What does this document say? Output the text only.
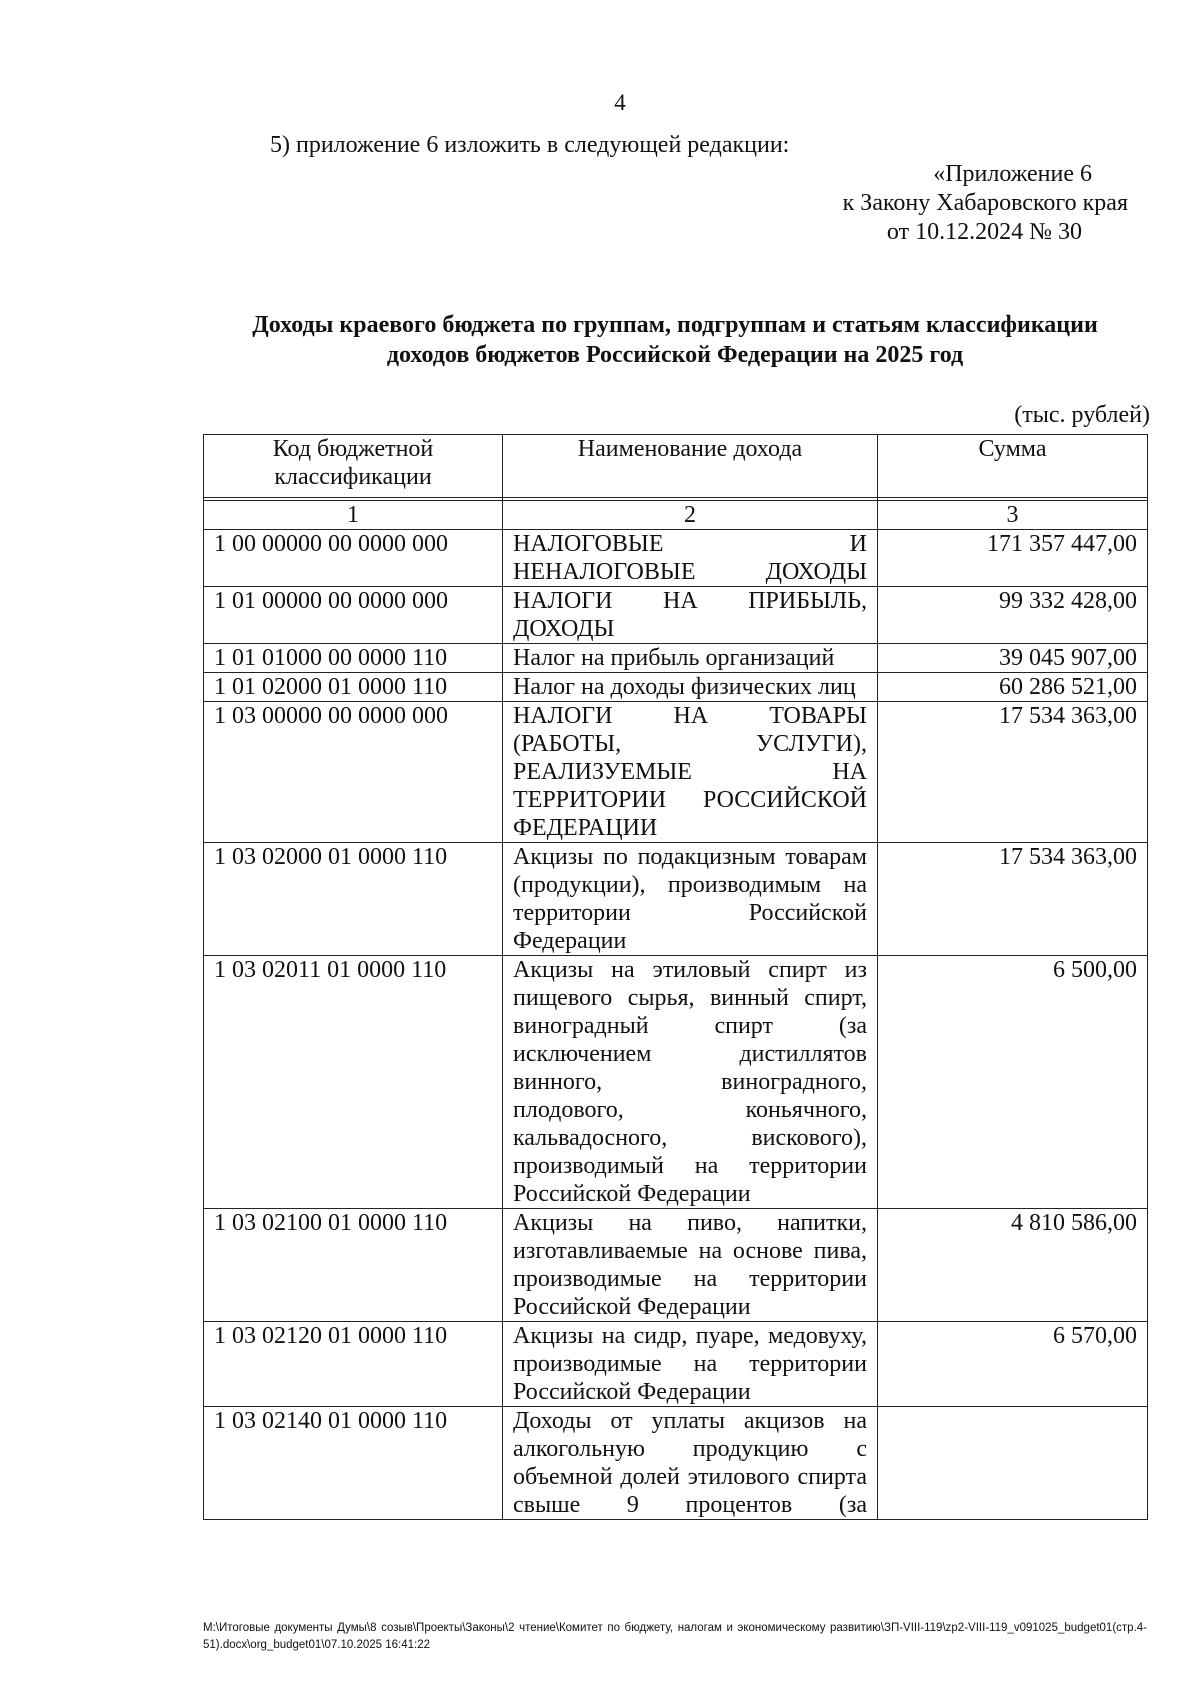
4
5) приложение 6 изложить в следующей редакции:
«Приложение 6
к Закону Хабаровского края
от 10.12.2024 № 30
Доходы краевого бюджета по группам, подгруппам и статьям классификации
доходов бюджетов Российской Федерации на 2025 год
(тыс. рублей)
Код бюджетной классификации	Наименование дохода	Сумма

1	2	3
1 00 00000 00 0000 000	НАЛОГОВЫЕ И НЕНАЛОГОВЫЕ ДОХОДЫ	171 357 447,00
1 01 00000 00 0000 000	НАЛОГИ НА ПРИБЫЛЬ, ДОХОДЫ	99 332 428,00
1 01 01000 00 0000 110	Налог на прибыль организаций	39 045 907,00
1 01 02000 01 0000 110	Налог на доходы физических лиц	60 286 521,00
1 03 00000 00 0000 000	НАЛОГИ НА ТОВАРЫ (РАБОТЫ, УСЛУГИ), РЕАЛИЗУЕМЫЕ НА ТЕРРИТОРИИ РОССИЙСКОЙ ФЕДЕРАЦИИ	17 534 363,00
1 03 02000 01 0000 110	Акцизы по подакцизным товарам (продукции), производимым на территории Российской Федерации	17 534 363,00
1 03 02011 01 0000 110	Акцизы на этиловый спирт из пищевого сырья, винный спирт, виноградный спирт (за исключением дистиллятов винного, виноградного, плодового, коньячного, кальвадосного, вискового), производимый на территории Российской Федерации	6 500,00
1 03 02100 01 0000 110	Акцизы на пиво, напитки, изготавливаемые на основе пива, производимые на территории Российской Федерации	4 810 586,00
1 03 02120 01 0000 110	Акцизы на сидр, пуаре, медовуху, производимые на территории Российской Федерации	6 570,00
1 03 02140 01 0000 110	Доходы от уплаты акцизов на алкогольную продукцию с объемной долей этилового спирта свыше 9 процентов (за	
M:\Итоговые документы Думы\8 созыв\Проекты\Законы\2 чтение\Комитет по бюджету, налогам и экономическому развитию\ЗП-VIII-119\zp2-VIII-119_v091025_budget01(стр.4-51).docx\org_budget01\07.10.2025 16:41:22
